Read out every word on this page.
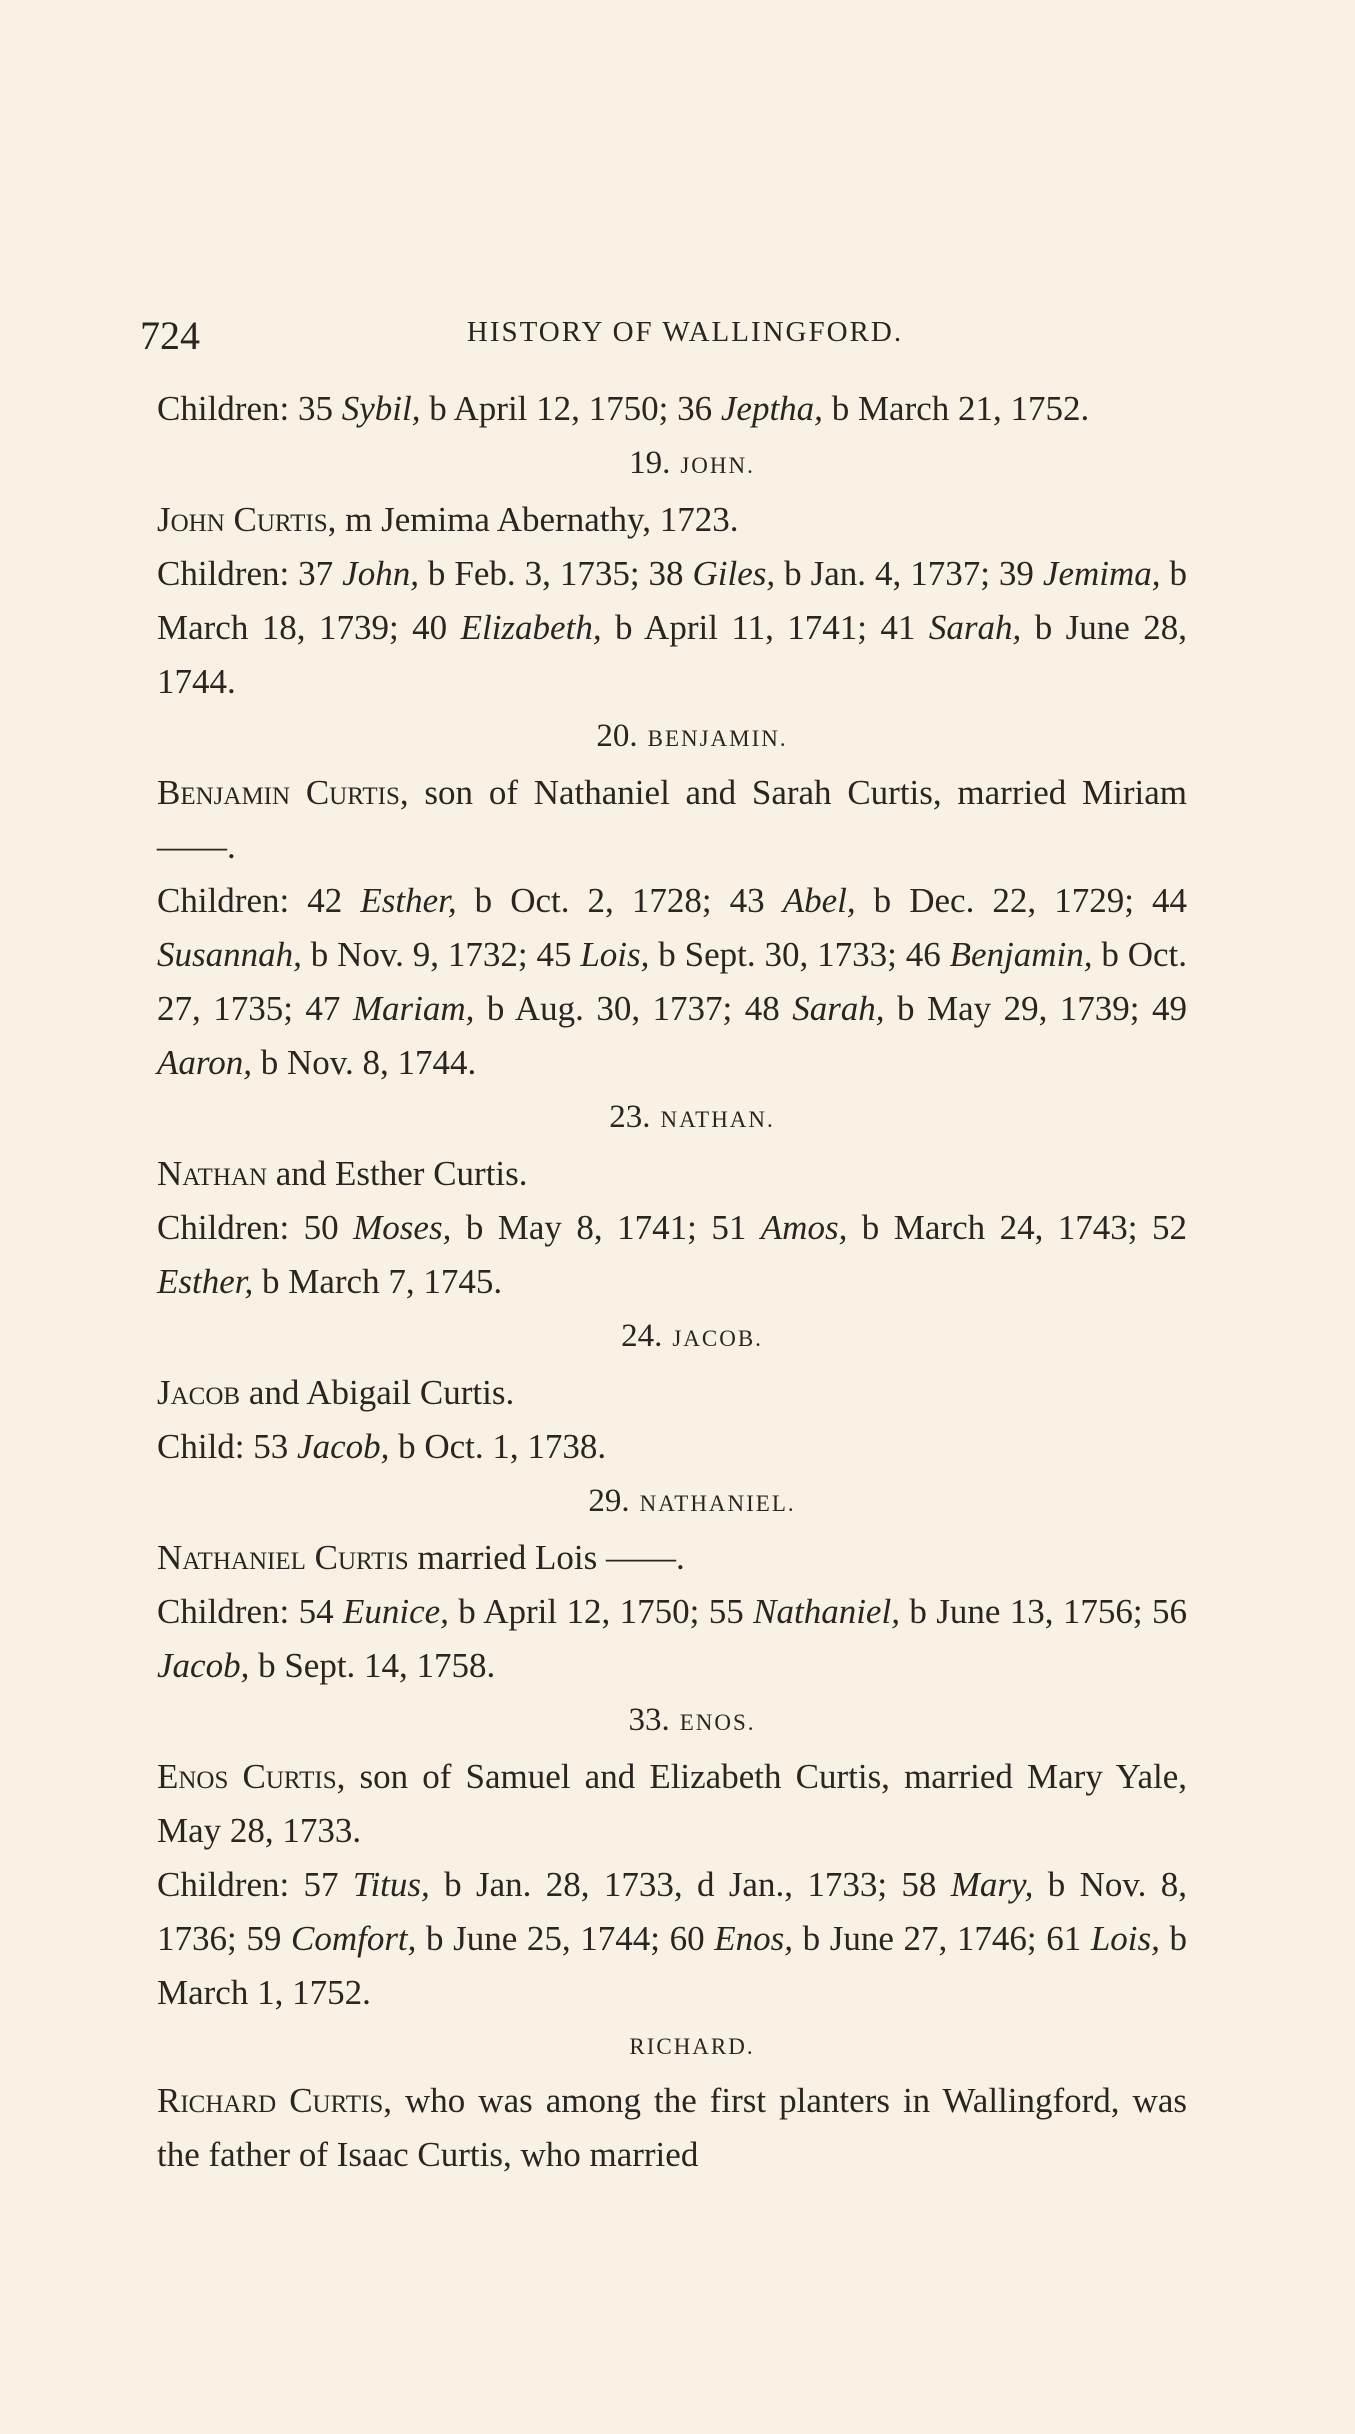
724	HISTORY OF WALLINGFORD.

Children: 35 Sybil, b April 12, 1750; 36 Jeptha, b March 21, 1752.

19. JOHN.

John Curtis, m Jemima Abernathy, 1723.

Children: 37 John, b Feb. 3, 1735; 38 Giles, b Jan. 4, 1737; 39 Jemima, b March 18, 1739; 40 Elizabeth, b April 11, 1741; 41 Sarah, b June 28, 1744.

20. BENJAMIN.

Benjamin Curtis, son of Nathaniel and Sarah Curtis, married Miriam ——.

Children: 42 Esther, b Oct. 2, 1728; 43 Abel, b Dec. 22, 1729; 44 Susannah, b Nov. 9, 1732; 45 Lois, b Sept. 30, 1733; 46 Benjamin, b Oct. 27, 1735; 47 Mariam, b Aug. 30, 1737; 48 Sarah, b May 29, 1739; 49 Aaron, b Nov. 8, 1744.

23. NATHAN.

Nathan and Esther Curtis.

Children: 50 Moses, b May 8, 1741; 51 Amos, b March 24, 1743; 52 Esther, b March 7, 1745.

24. JACOB.

Jacob and Abigail Curtis.

Child: 53 Jacob, b Oct. 1, 1738.

29. NATHANIEL.

Nathaniel Curtis married Lois ——.

Children: 54 Eunice, b April 12, 1750; 55 Nathaniel, b June 13, 1756; 56 Jacob, b Sept. 14, 1758.

33. ENOS.

Enos Curtis, son of Samuel and Elizabeth Curtis, married Mary Yale, May 28, 1733.

Children: 57 Titus, b Jan. 28, 1733, d Jan., 1733; 58 Mary, b Nov. 8, 1736; 59 Comfort, b June 25, 1744; 60 Enos, b June 27, 1746; 61 Lois, b March 1, 1752.

RICHARD.

Richard Curtis, who was among the first planters in Wallingford, was the father of Isaac Curtis, who married
